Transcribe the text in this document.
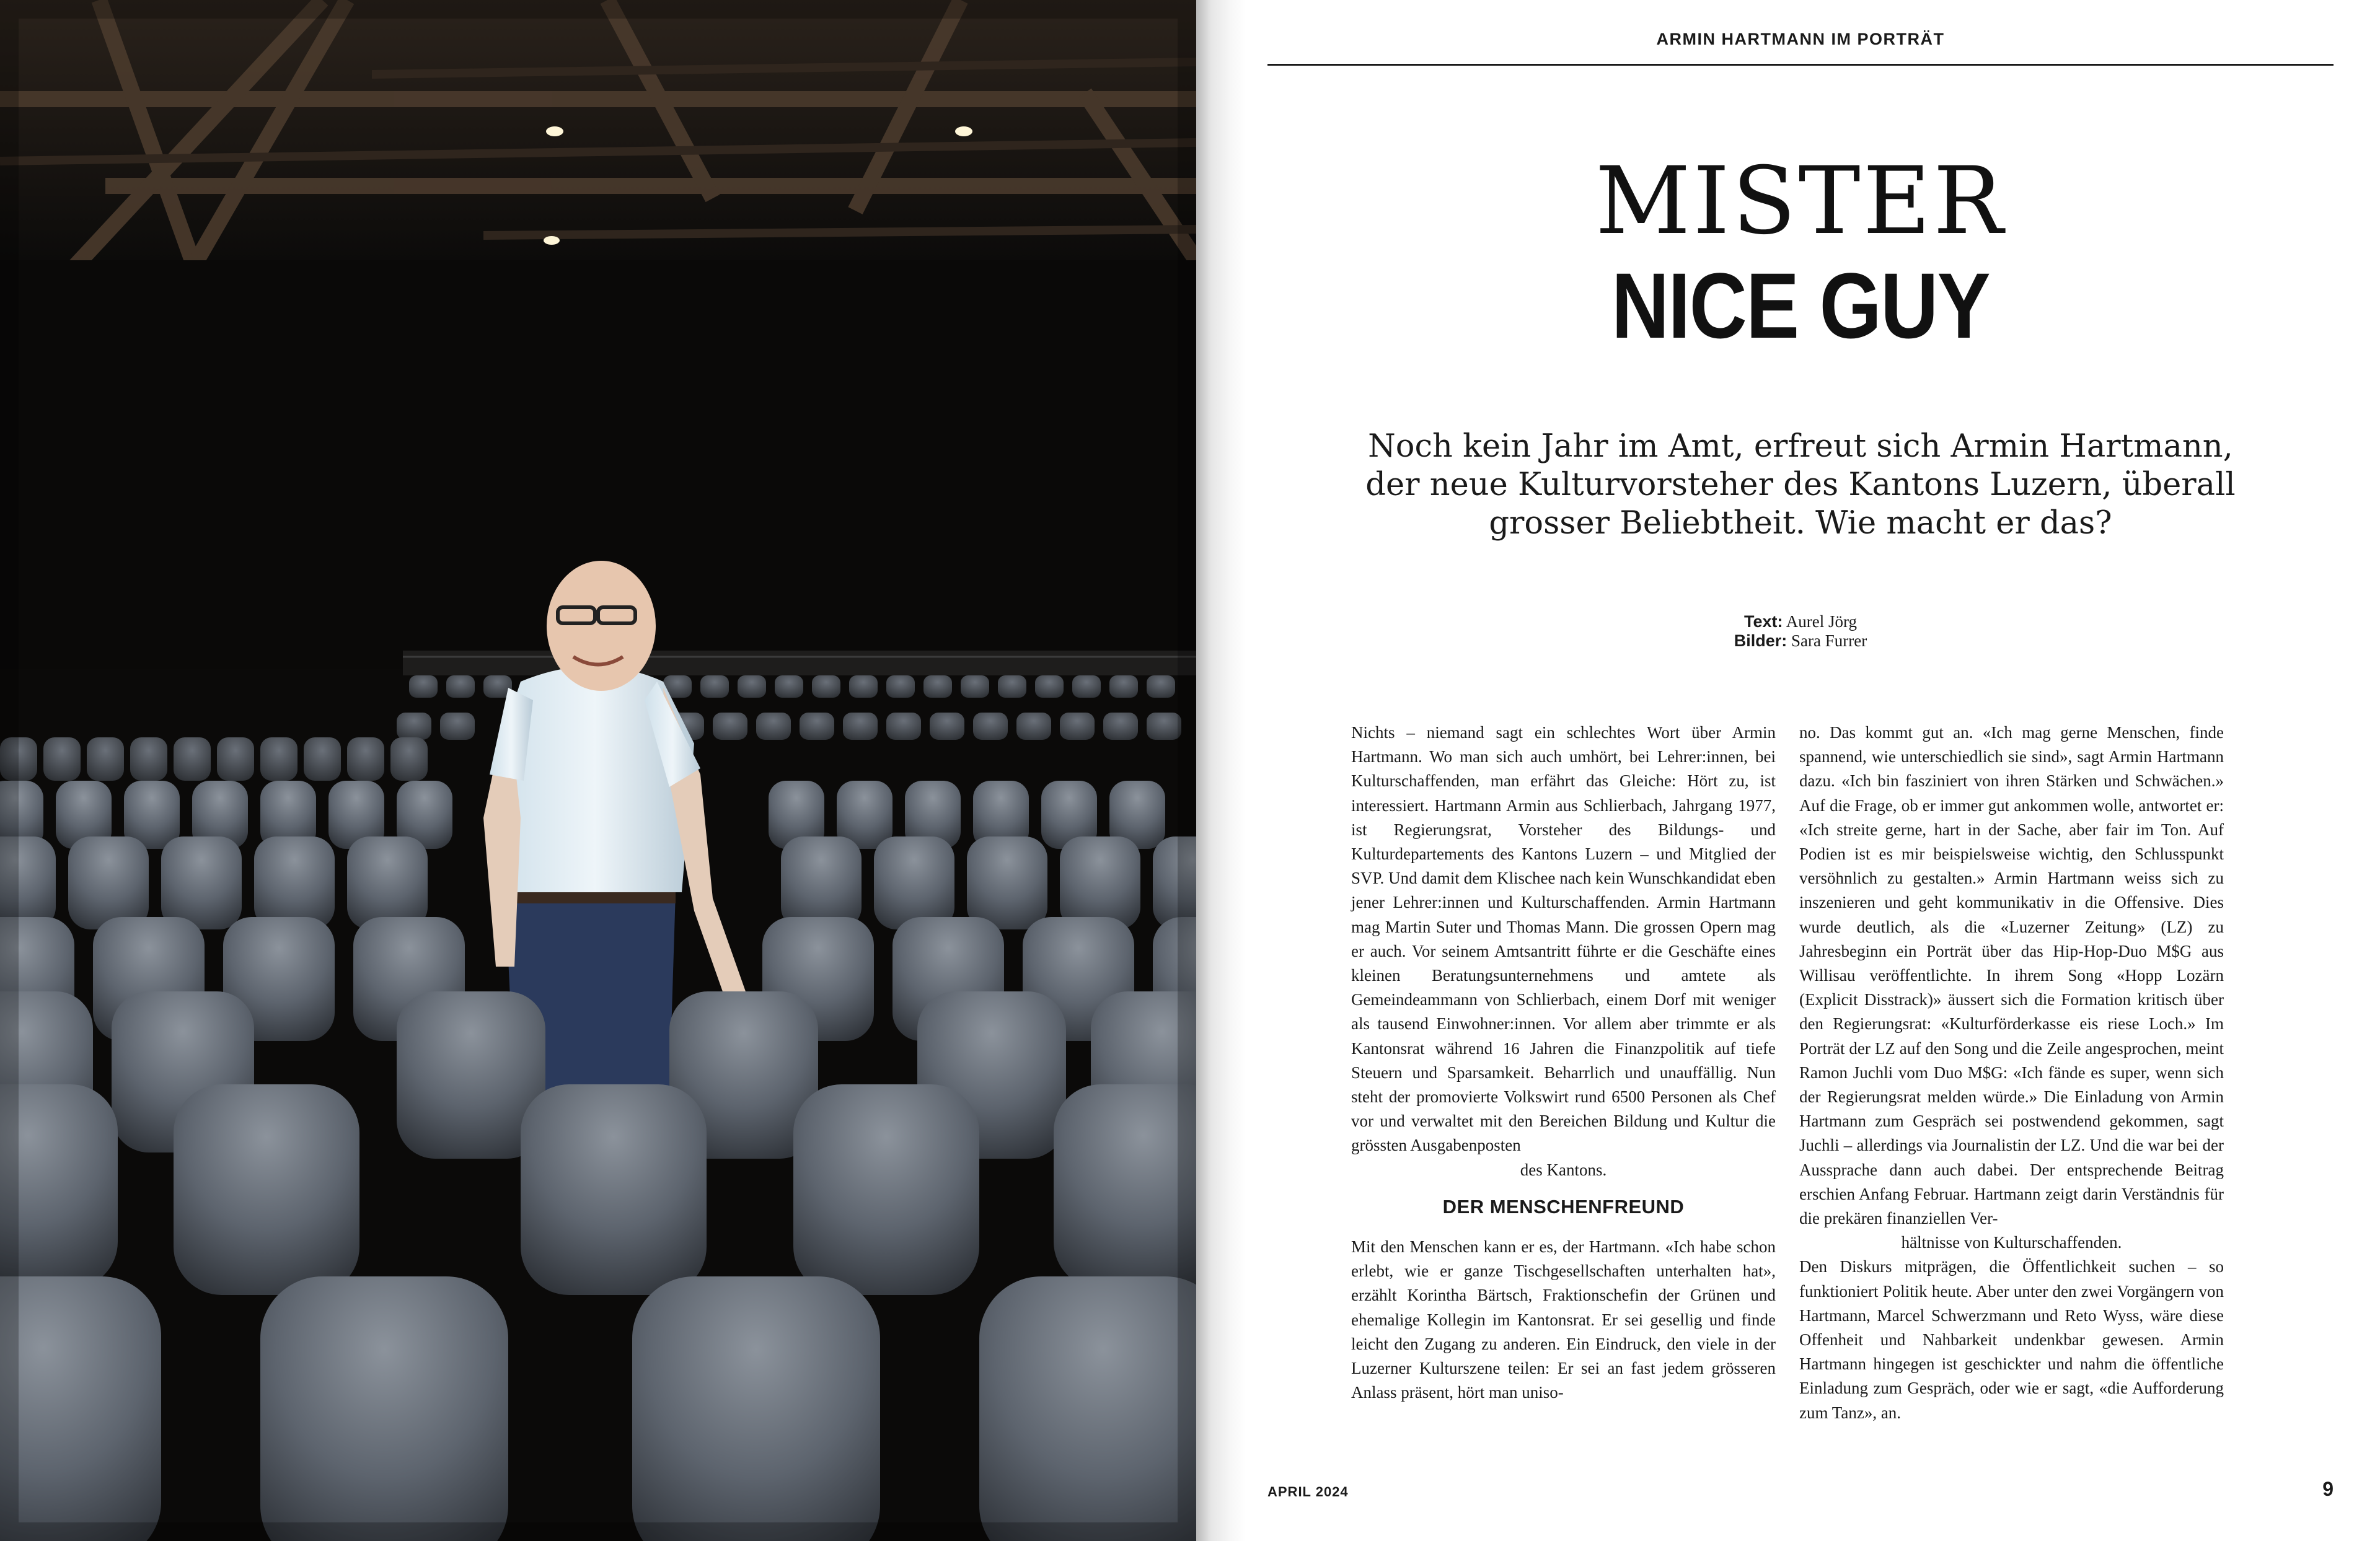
ARMIN HARTMANN IM PORTRÄT
MISTER
NICE GUY
Noch kein Jahr im Amt, erfreut sich Armin Hartmann, der neue Kulturvorsteher des Kantons Luzern, überall grosser Beliebtheit. Wie macht er das?
Text: Aurel Jörg
Bilder: Sara Furrer

Nichts – niemand sagt ein schlechtes Wort über Armin Hartmann. Wo man sich auch umhört, bei Lehrer:innen, bei Kulturschaffenden, man erfährt das Gleiche: Hört zu, ist interessiert. Hartmann Armin aus Schlierbach, Jahrgang 1977, ist Regierungsrat, Vorsteher des Bildungs- und Kulturdepartements des Kantons Luzern – und Mitglied der SVP. Und damit dem Klischee nach kein Wunschkandidat eben jener Lehrer:innen und Kulturschaffenden. Armin Hartmann mag Martin Suter und Thomas Mann. Die grossen Opern mag er auch. Vor seinem Amtsantritt führte er die Geschäfte eines kleinen Beratungsunternehmens und amtete als Gemeindeammann von Schlierbach, einem Dorf mit weniger als tausend Einwohner:innen. Vor allem aber trimmte er als Kantonsrat während 16 Jahren die Finanzpolitik auf tiefe Steuern und Sparsamkeit. Beharrlich und unauffällig. Nun steht der promovierte Volkswirt rund 6500 Personen als Chef vor und verwaltet mit den Bereichen Bildung und Kultur die grössten Ausgabenposten

des Kantons.

DER MENSCHENFREUND

Mit den Menschen kann er es, der Hartmann. «Ich habe schon erlebt, wie er ganze Tischgesellschaften unterhalten hat», erzählt Korintha Bärtsch, Fraktionschefin der Grünen und ehemalige Kollegin im Kantonsrat. Er sei gesellig und finde leicht den Zugang zu anderen. Ein Eindruck, den viele in der Luzerner Kulturszene teilen: Er sei an fast jedem grösseren Anlass präsent, hört man uniso-

no. Das kommt gut an. «Ich mag gerne Menschen, finde spannend, wie unterschiedlich sie sind», sagt Armin Hartmann dazu. «Ich bin fasziniert von ihren Stärken und Schwächen.» Auf die Frage, ob er immer gut ankommen wolle, antwortet er: «Ich streite gerne, hart in der Sache, aber fair im Ton. Auf Podien ist es mir beispielsweise wichtig, den Schlusspunkt versöhnlich zu gestalten.» Armin Hartmann weiss sich zu inszenieren und geht kommunikativ in die Offensive. Dies wurde deutlich, als die «Luzerner Zeitung» (LZ) zu Jahresbeginn ein Porträt über das Hip-Hop-Duo M$G aus Willisau veröffentlichte. In ihrem Song «Hopp Lozärn (Explicit Disstrack)» äussert sich die Formation kritisch über den Regierungsrat: «Kulturförderkasse eis riese Loch.» Im Porträt der LZ auf den Song und die Zeile angesprochen, meint Ramon Juchli vom Duo M$G: «Ich fände es super, wenn sich der Regierungsrat melden würde.» Die Einladung von Armin Hartmann zum Gespräch sei postwendend gekommen, sagt Juchli – allerdings via Journalistin der LZ. Und die war bei der Aussprache dann auch dabei. Der entsprechende Beitrag erschien Anfang Februar. Hartmann zeigt darin Verständnis für die prekären finanziellen Ver-

hältnisse von Kulturschaffenden.

Den Diskurs mitprägen, die Öffentlichkeit suchen – so funktioniert Politik heute. Aber unter den zwei Vorgängern von Hartmann, Marcel Schwerzmann und Reto Wyss, wäre diese Offenheit und Nahbarkeit undenkbar gewesen. Armin Hartmann hingegen ist geschickter und nahm die öffentliche Einladung zum Gespräch, oder wie er sagt, «die Aufforderung zum Tanz», an.

APRIL 2024	9
